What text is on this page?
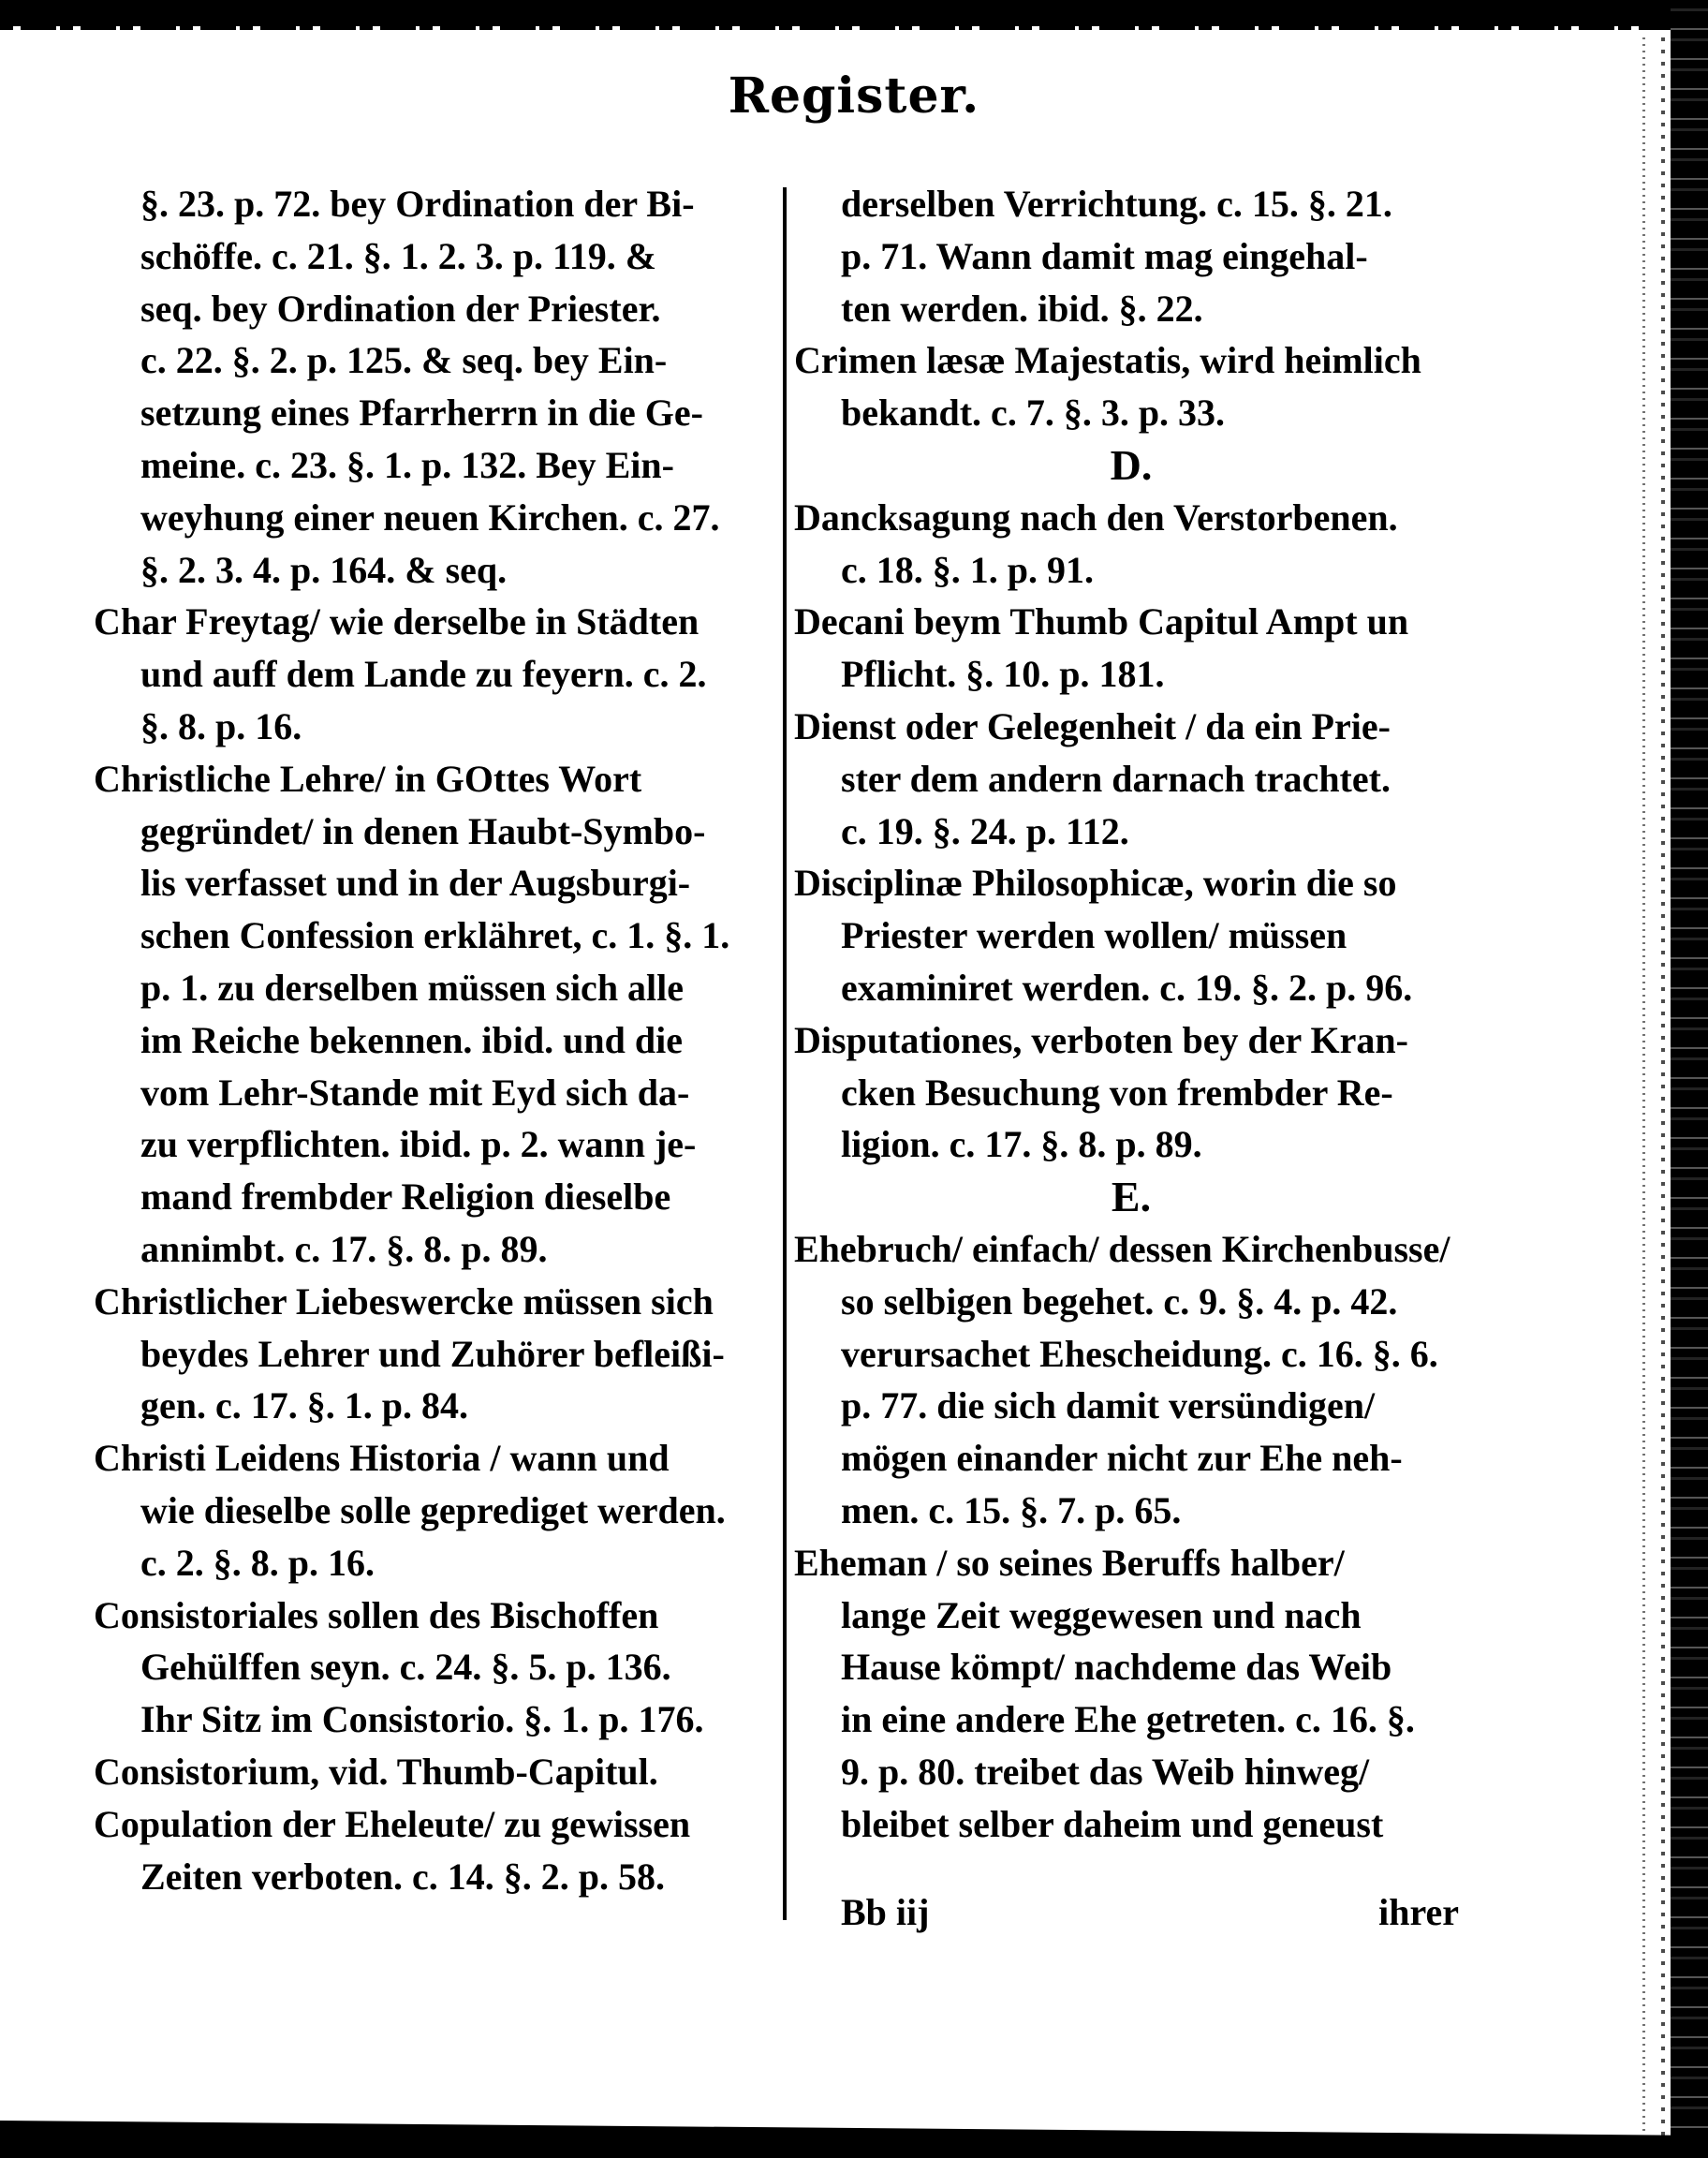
Register.
§. 23. p. 72. bey Ordination der Bi-
schöffe. c. 21. §. 1. 2. 3. p. 119. &
seq. bey Ordination der Priester.
c. 22. §. 2. p. 125. & seq. bey Ein-
setzung eines Pfarrherrn in die Ge-
meine. c. 23. §. 1. p. 132. Bey Ein-
weyhung einer neuen Kirchen. c. 27.
§. 2. 3. 4. p. 164. & seq.
Char Freytag/ wie derselbe in Städten
und auff dem Lande zu feyern. c. 2.
§. 8. p. 16.
Christliche Lehre/ in GOttes Wort
gegründet/ in denen Haubt-Symbo-
lis verfasset und in der Augsburgi-
schen Confession erklähret, c. 1. §. 1.
p. 1. zu derselben müssen sich alle
im Reiche bekennen. ibid. und die
vom Lehr-Stande mit Eyd sich da-
zu verpflichten. ibid. p. 2. wann je-
mand frembder Religion dieselbe
annimbt. c. 17. §. 8. p. 89.
Christlicher Liebeswercke müssen sich
beydes Lehrer und Zuhörer befleißi-
gen. c. 17. §. 1. p. 84.
Christi Leidens Historia / wann und
wie dieselbe solle geprediget werden.
c. 2. §. 8. p. 16.
Consistoriales sollen des Bischoffen
Gehülffen seyn. c. 24. §. 5. p. 136.
Ihr Sitz im Consistorio. §. 1. p. 176.
Consistorium, vid. Thumb-Capitul.
Copulation der Eheleute/ zu gewissen
Zeiten verboten. c. 14. §. 2. p. 58.
derselben Verrichtung. c. 15. §. 21.
p. 71. Wann damit mag eingehal-
ten werden. ibid. §. 22.
Crimen læsæ Majestatis, wird heimlich
bekandt. c. 7. §. 3. p. 33.
D.
Dancksagung nach den Verstorbenen.
c. 18. §. 1. p. 91.
Decani beym Thumb Capitul Ampt un
Pflicht. §. 10. p. 181.
Dienst oder Gelegenheit / da ein Prie-
ster dem andern darnach trachtet.
c. 19. §. 24. p. 112.
Disciplinæ Philosophicæ, worin die so
Priester werden wollen/ müssen
examiniret werden. c. 19. §. 2. p. 96.
Disputationes, verboten bey der Kran-
cken Besuchung von frembder Re-
ligion. c. 17. §. 8. p. 89.
E.
Ehebruch/ einfach/ dessen Kirchenbusse/
so selbigen begehet. c. 9. §. 4. p. 42.
verursachet Ehescheidung. c. 16. §. 6.
p. 77. die sich damit versündigen/
mögen einander nicht zur Ehe neh-
men. c. 15. §. 7. p. 65.
Eheman / so seines Beruffs halber/
lange Zeit weggewesen und nach
Hause kömpt/ nachdeme das Weib
in eine andere Ehe getreten. c. 16. §.
9. p. 80. treibet das Weib hinweg/
bleibet selber daheim und geneust
Bb iij	ihrer
